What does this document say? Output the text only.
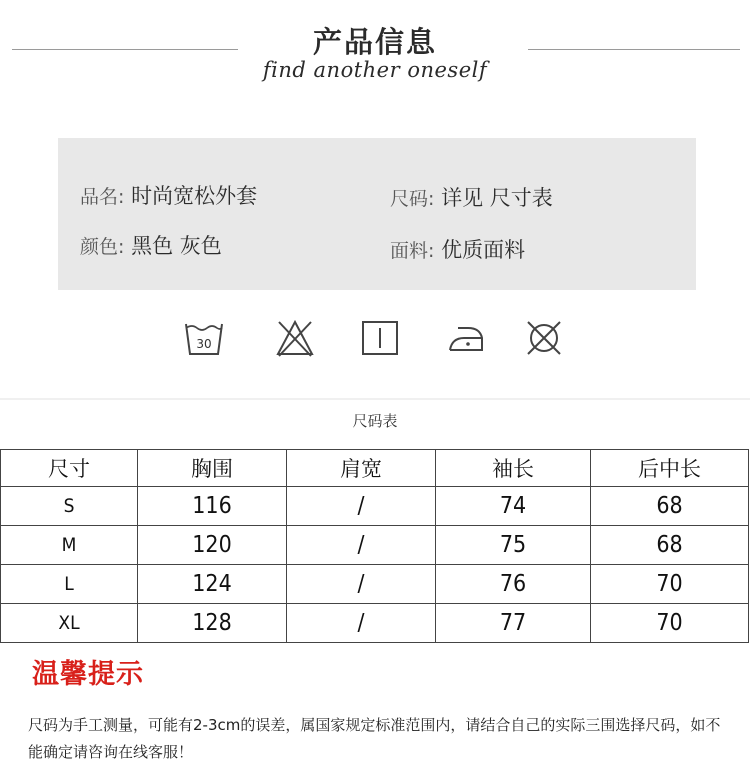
产品信息
find another oneself
品名: 时尚宽松外套	尺码: 详见 尺寸表
颜色: 黑色 灰色	面料: 优质面料
30
尺码表
尺寸	胸围	肩宽	袖长	后中长
S	116	/	74	68
M	120	/	75	68
L	124	/	76	70
XL	128	/	77	70
温馨提示
尺码为手工测量，可能有2-3cm的误差，属国家规定标准范围内，请结合自己的实际三围选择尺码，如不能确定请咨询在线客服！
